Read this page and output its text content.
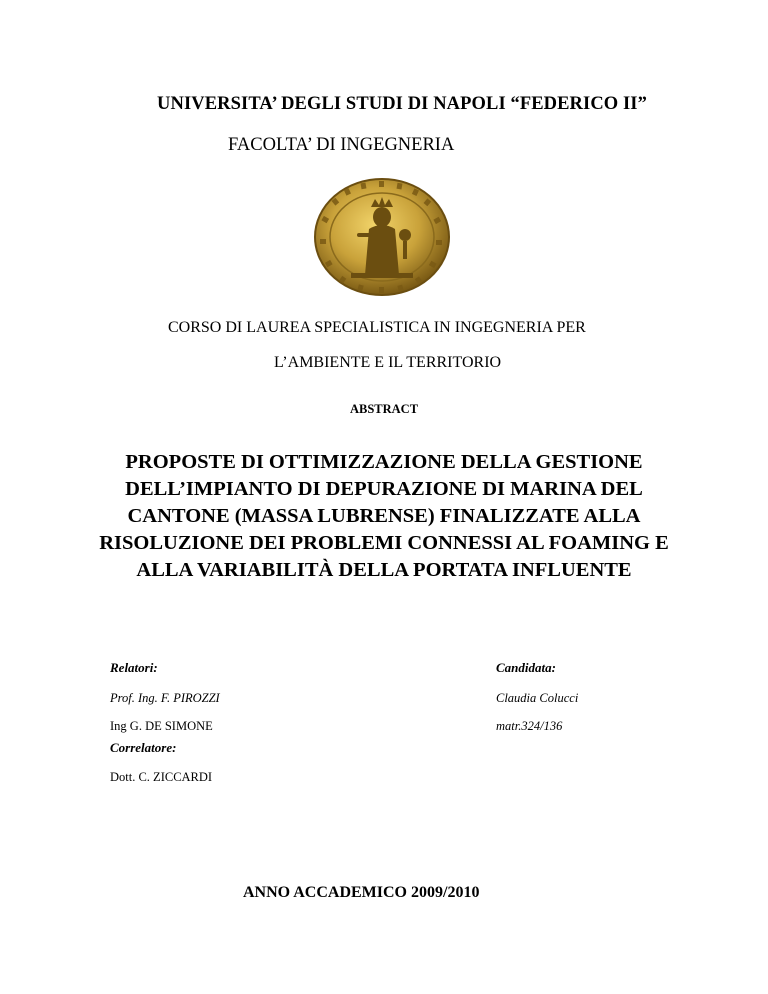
UNIVERSITA’ DEGLI STUDI DI NAPOLI “FEDERICO II”
FACOLTA’ DI INGEGNERIA
CORSO DI LAUREA SPECIALISTICA IN INGEGNERIA PER
L’AMBIENTE E IL TERRITORIO
ABSTRACT
PROPOSTE DI OTTIMIZZAZIONE DELLA GESTIONE
DELL’IMPIANTO DI DEPURAZIONE DI MARINA DEL
CANTONE (MASSA LUBRENSE) FINALIZZATE ALLA
RISOLUZIONE DEI PROBLEMI CONNESSI AL FOAMING E
ALLA VARIABILITÀ DELLA PORTATA INFLUENTE
Relatori:
Prof. Ing. F. PIROZZI
Ing G. DE SIMONE
Correlatore:
Dott. C. ZICCARDI
Candidata:
Claudia Colucci
matr.324/136
ANNO ACCADEMICO 2009/2010
